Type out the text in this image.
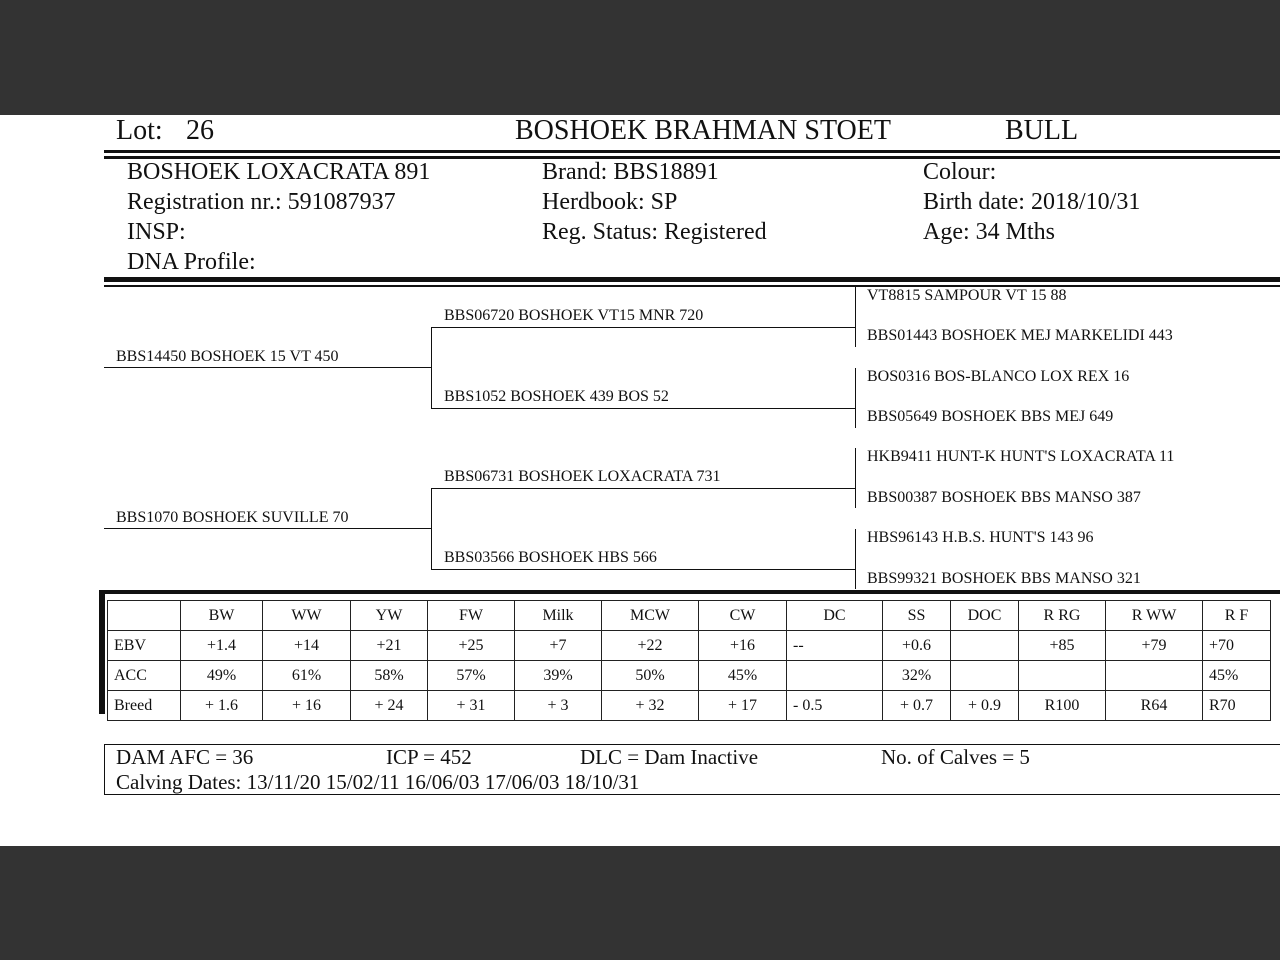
Lot: 26	BOSHOEK BRAHMAN STOET	BULL
BOSHOEK LOXACRATA 891
Registration nr.: 591087937
INSP:
DNA Profile:
Brand: BBS18891
Herdbook: SP
Reg. Status: Registered
Colour:
Birth date: 2018/10/31
Age: 34 Mths
BBS14450 BOSHOEK 15 VT 450
BBS1070 BOSHOEK SUVILLE 70
BBS06720 BOSHOEK VT15 MNR 720
BBS1052 BOSHOEK 439 BOS 52
BBS06731 BOSHOEK LOXACRATA 731
BBS03566 BOSHOEK HBS 566
VT8815 SAMPOUR VT 15 88
BBS01443 BOSHOEK MEJ MARKELIDI 443
BOS0316 BOS-BLANCO LOX REX 16
BBS05649 BOSHOEK BBS MEJ 649
HKB9411 HUNT-K HUNT'S LOXACRATA 11
BBS00387 BOSHOEK BBS MANSO 387
HBS96143 H.B.S. HUNT'S 143 96
BBS99321 BOSHOEK BBS MANSO 321
	BW	WW	YW	FW	Milk	MCW	CW	DC	SS	DOC	R RG	R WW	R F
EBV	+1.4	+14	+21	+25	+7	+22	+16	--	+0.6		+85	+79	+70
ACC	49%	61%	58%	57%	39%	50%	45%		32%				45%
Breed	+ 1.6	+ 16	+ 24	+ 31	+ 3	+ 32	+ 17	- 0.5	+ 0.7	+ 0.9	R100	R64	R70
DAM AFC = 36	ICP = 452	DLC = Dam Inactive	No. of Calves = 5
Calving Dates: 13/11/20 15/02/11 16/06/03 17/06/03 18/10/31
